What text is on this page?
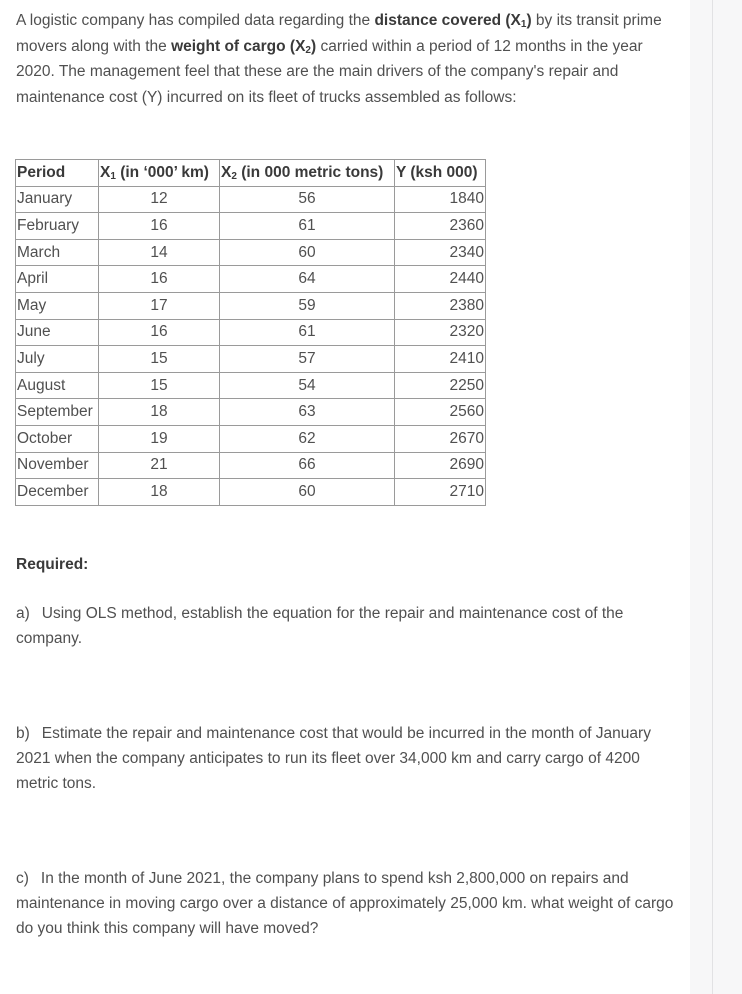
A logistic company has compiled data regarding the distance covered $(X_1)$ by its transit prime movers along with the weight of cargo $(X_2)$ carried within a period of 12 months in the year 2020. The management feel that these are the main drivers of the company's repair and maintenance cost (Y) incurred on its fleet of trucks assembled as follows:

Period	$X_1$ (in ‘000’ km)	$X_2$ (in 000 metric tons)	Y (ksh 000)
January	12	56	1840
February	16	61	2360
March	14	60	2340
April	16	64	2440
May	17	59	2380
June	16	61	2320
July	15	57	2410
August	15	54	2250
September	18	63	2560
October	19	62	2670
November	21	66	2690
December	18	60	2710

Required:

a) Using OLS method, establish the equation for the repair and maintenance cost of the company.

b) Estimate the repair and maintenance cost that would be incurred in the month of January 2021 when the company anticipates to run its fleet over 34,000 km and carry cargo of 4200 metric tons.

c) In the month of June 2021, the company plans to spend ksh 2,800,000 on repairs and maintenance in moving cargo over a distance of approximately 25,000 km. what weight of cargo do you think this company will have moved?
